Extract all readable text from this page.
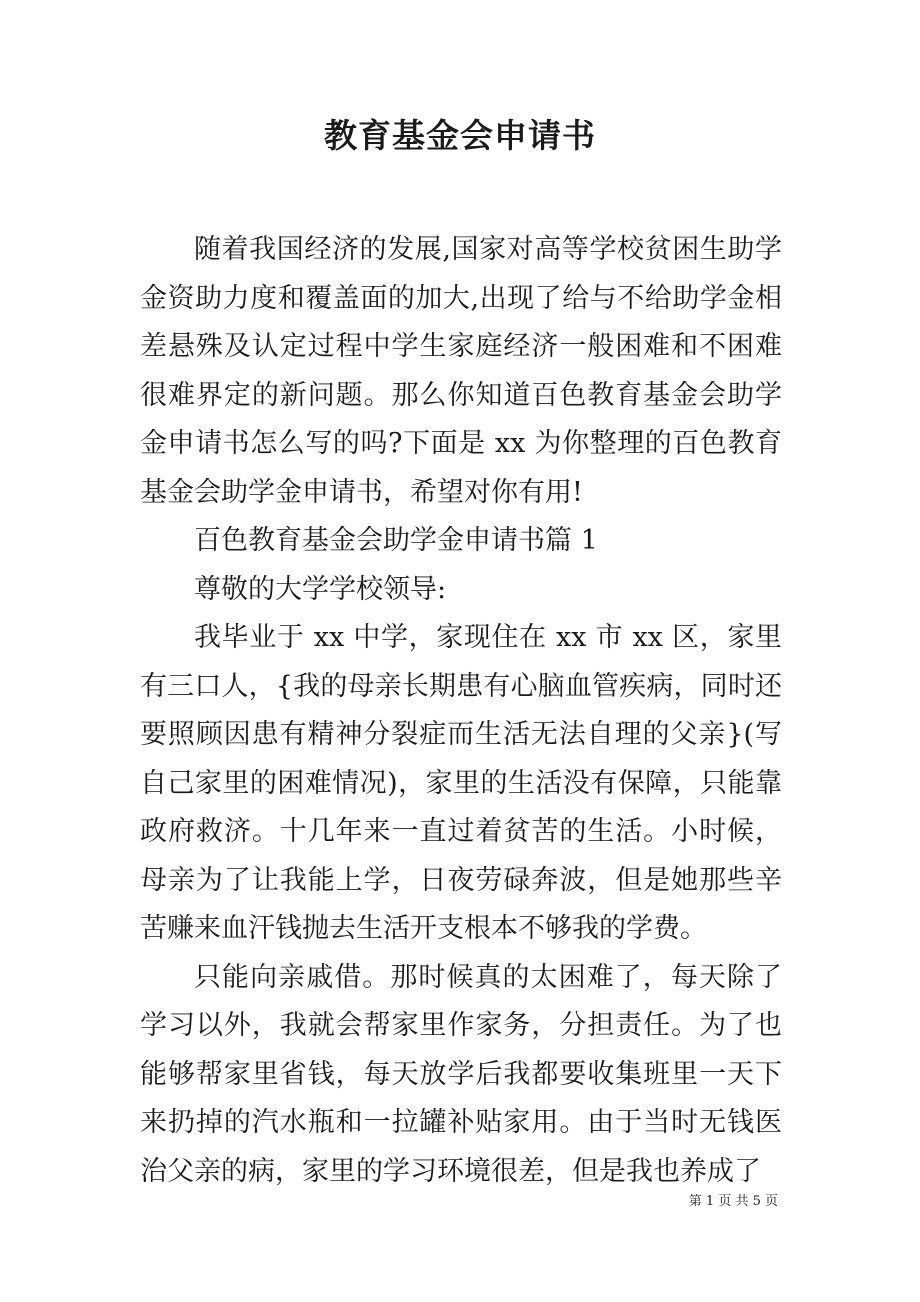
教育基金会申请书

随着我国经济的发展,国家对高等学校贫困生助学金资助力度和覆盖面的加大,出现了给与不给助学金相差悬殊及认定过程中学生家庭经济一般困难和不困难很难界定的新问题。那么你知道百色教育基金会助学金申请书怎么写的吗?下面是 xx 为你整理的百色教育基金会助学金申请书，希望对你有用!

百色教育基金会助学金申请书篇 1

尊敬的大学学校领导:

我毕业于 xx 中学，家现住在 xx 市 xx 区，家里有三口人，{我的母亲长期患有心脑血管疾病，同时还要照顾因患有精神分裂症而生活无法自理的父亲}(写自己家里的困难情况)，家里的生活没有保障，只能靠政府救济。十几年来一直过着贫苦的生活。小时候，母亲为了让我能上学，日夜劳碌奔波，但是她那些辛苦赚来血汗钱抛去生活开支根本不够我的学费。

只能向亲戚借。那时候真的太困难了，每天除了学习以外，我就会帮家里作家务，分担责任。为了也能够帮家里省钱，每天放学后我都要收集班里一天下来扔掉的汽水瓶和一拉罐补贴家用。由于当时无钱医治父亲的病，家里的学习环境很差，但是我也养成了

第 1 页 共 5 页
